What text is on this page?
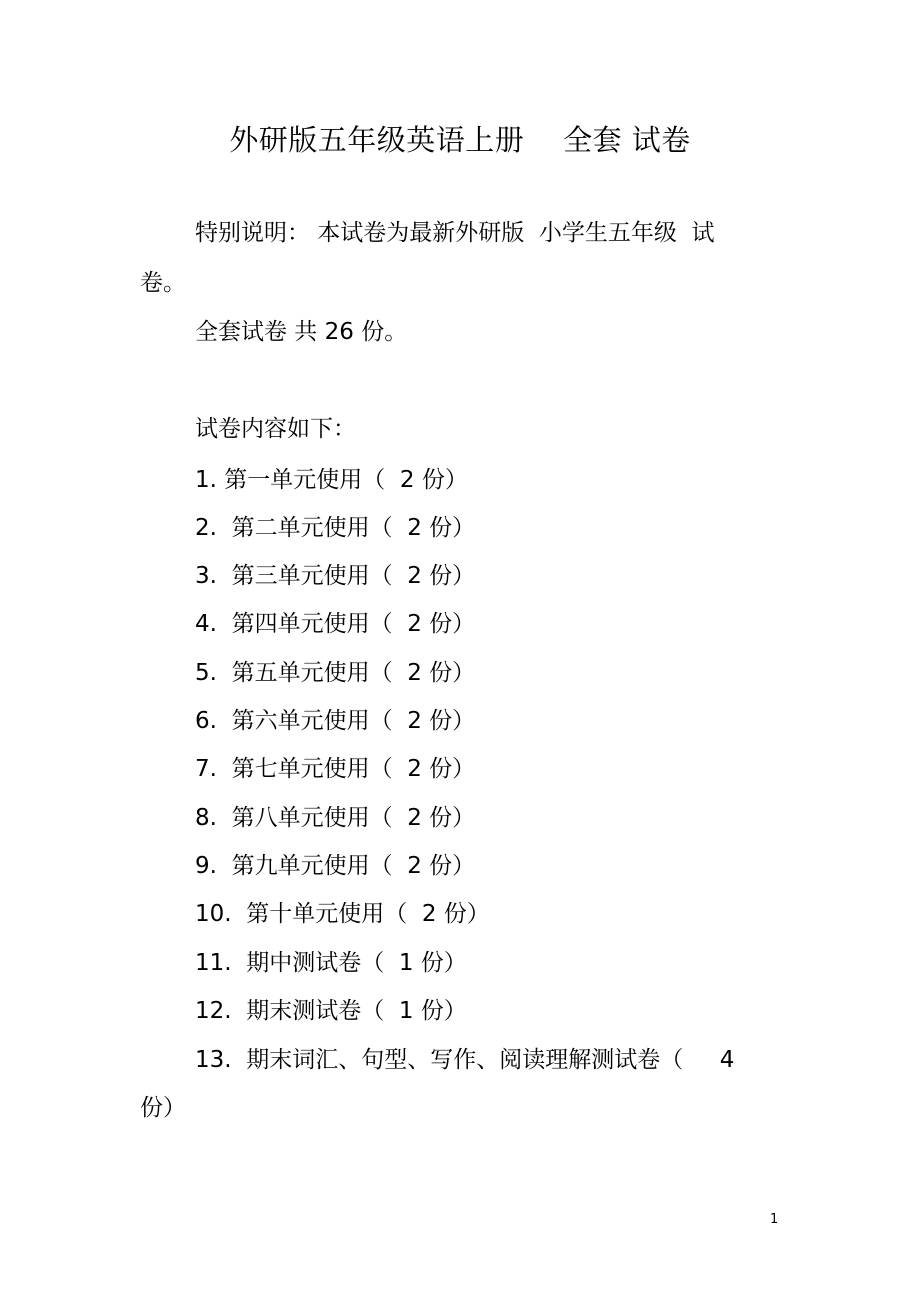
外研版五年级英语上册    全套 试卷
特别说明： 本试卷为最新外研版  小学生五年级  试
卷。
全套试卷 共 26 份。
试卷内容如下：
1. 第一单元使用（  2 份）
2.  第二单元使用（  2 份）
3.  第三单元使用（  2 份）
4.  第四单元使用（  2 份）
5.  第五单元使用（  2 份）
6.  第六单元使用（  2 份）
7.  第七单元使用（  2 份）
8.  第八单元使用（  2 份）
9.  第九单元使用（  2 份）
10.  第十单元使用（  2 份）
11.  期中测试卷（  1 份）
12.  期末测试卷（  1 份）
13.  期末词汇、句型、写作、阅读理解测试卷（     4
份）
1
